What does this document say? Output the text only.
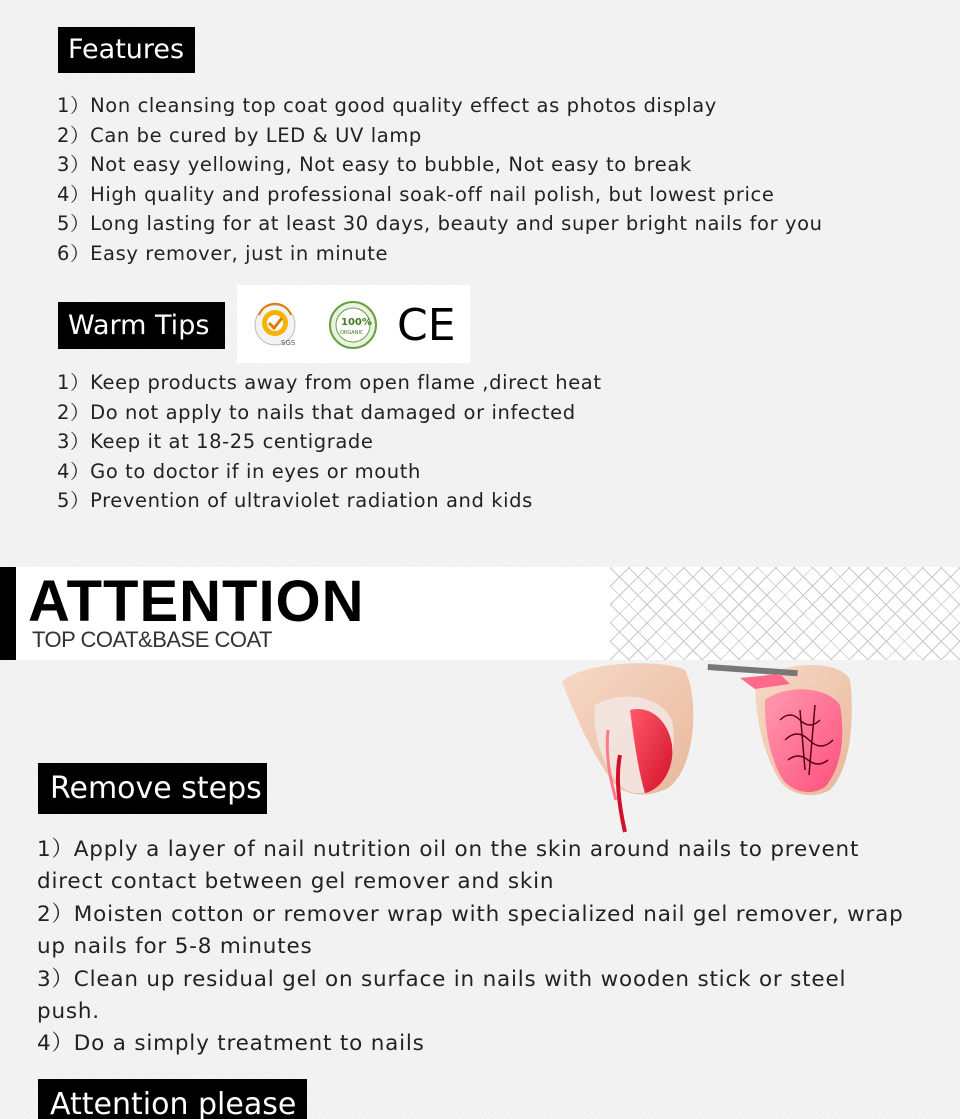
Features
1）Non cleansing top coat good quality effect as photos display
2）Can be cured by LED & UV lamp
3）Not easy yellowing, Not easy to bubble, Not easy to break
4）High quality and professional soak-off nail polish, but lowest price
5）Long lasting for at least 30 days, beauty and super bright nails for you
6）Easy remover, just in minute
Warm Tips
SGS
100%
ORGANIC CE
1）Keep products away from open flame ,direct heat
2）Do not apply to nails that damaged or infected
3）Keep it at 18-25 centigrade
4）Go to doctor if in eyes or mouth
5）Prevention of ultraviolet radiation and kids
ATTENTION
TOP COAT&BASE COAT
Remove steps
1）Apply a layer of nail nutrition oil on the skin around nails to prevent direct contact between gel remover and skin
2）Moisten cotton or remover wrap with specialized nail gel remover, wrap up nails for 5-8 minutes
3）Clean up residual gel on surface in nails with wooden stick or steel push.
4）Do a simply treatment to nails
Attention please
